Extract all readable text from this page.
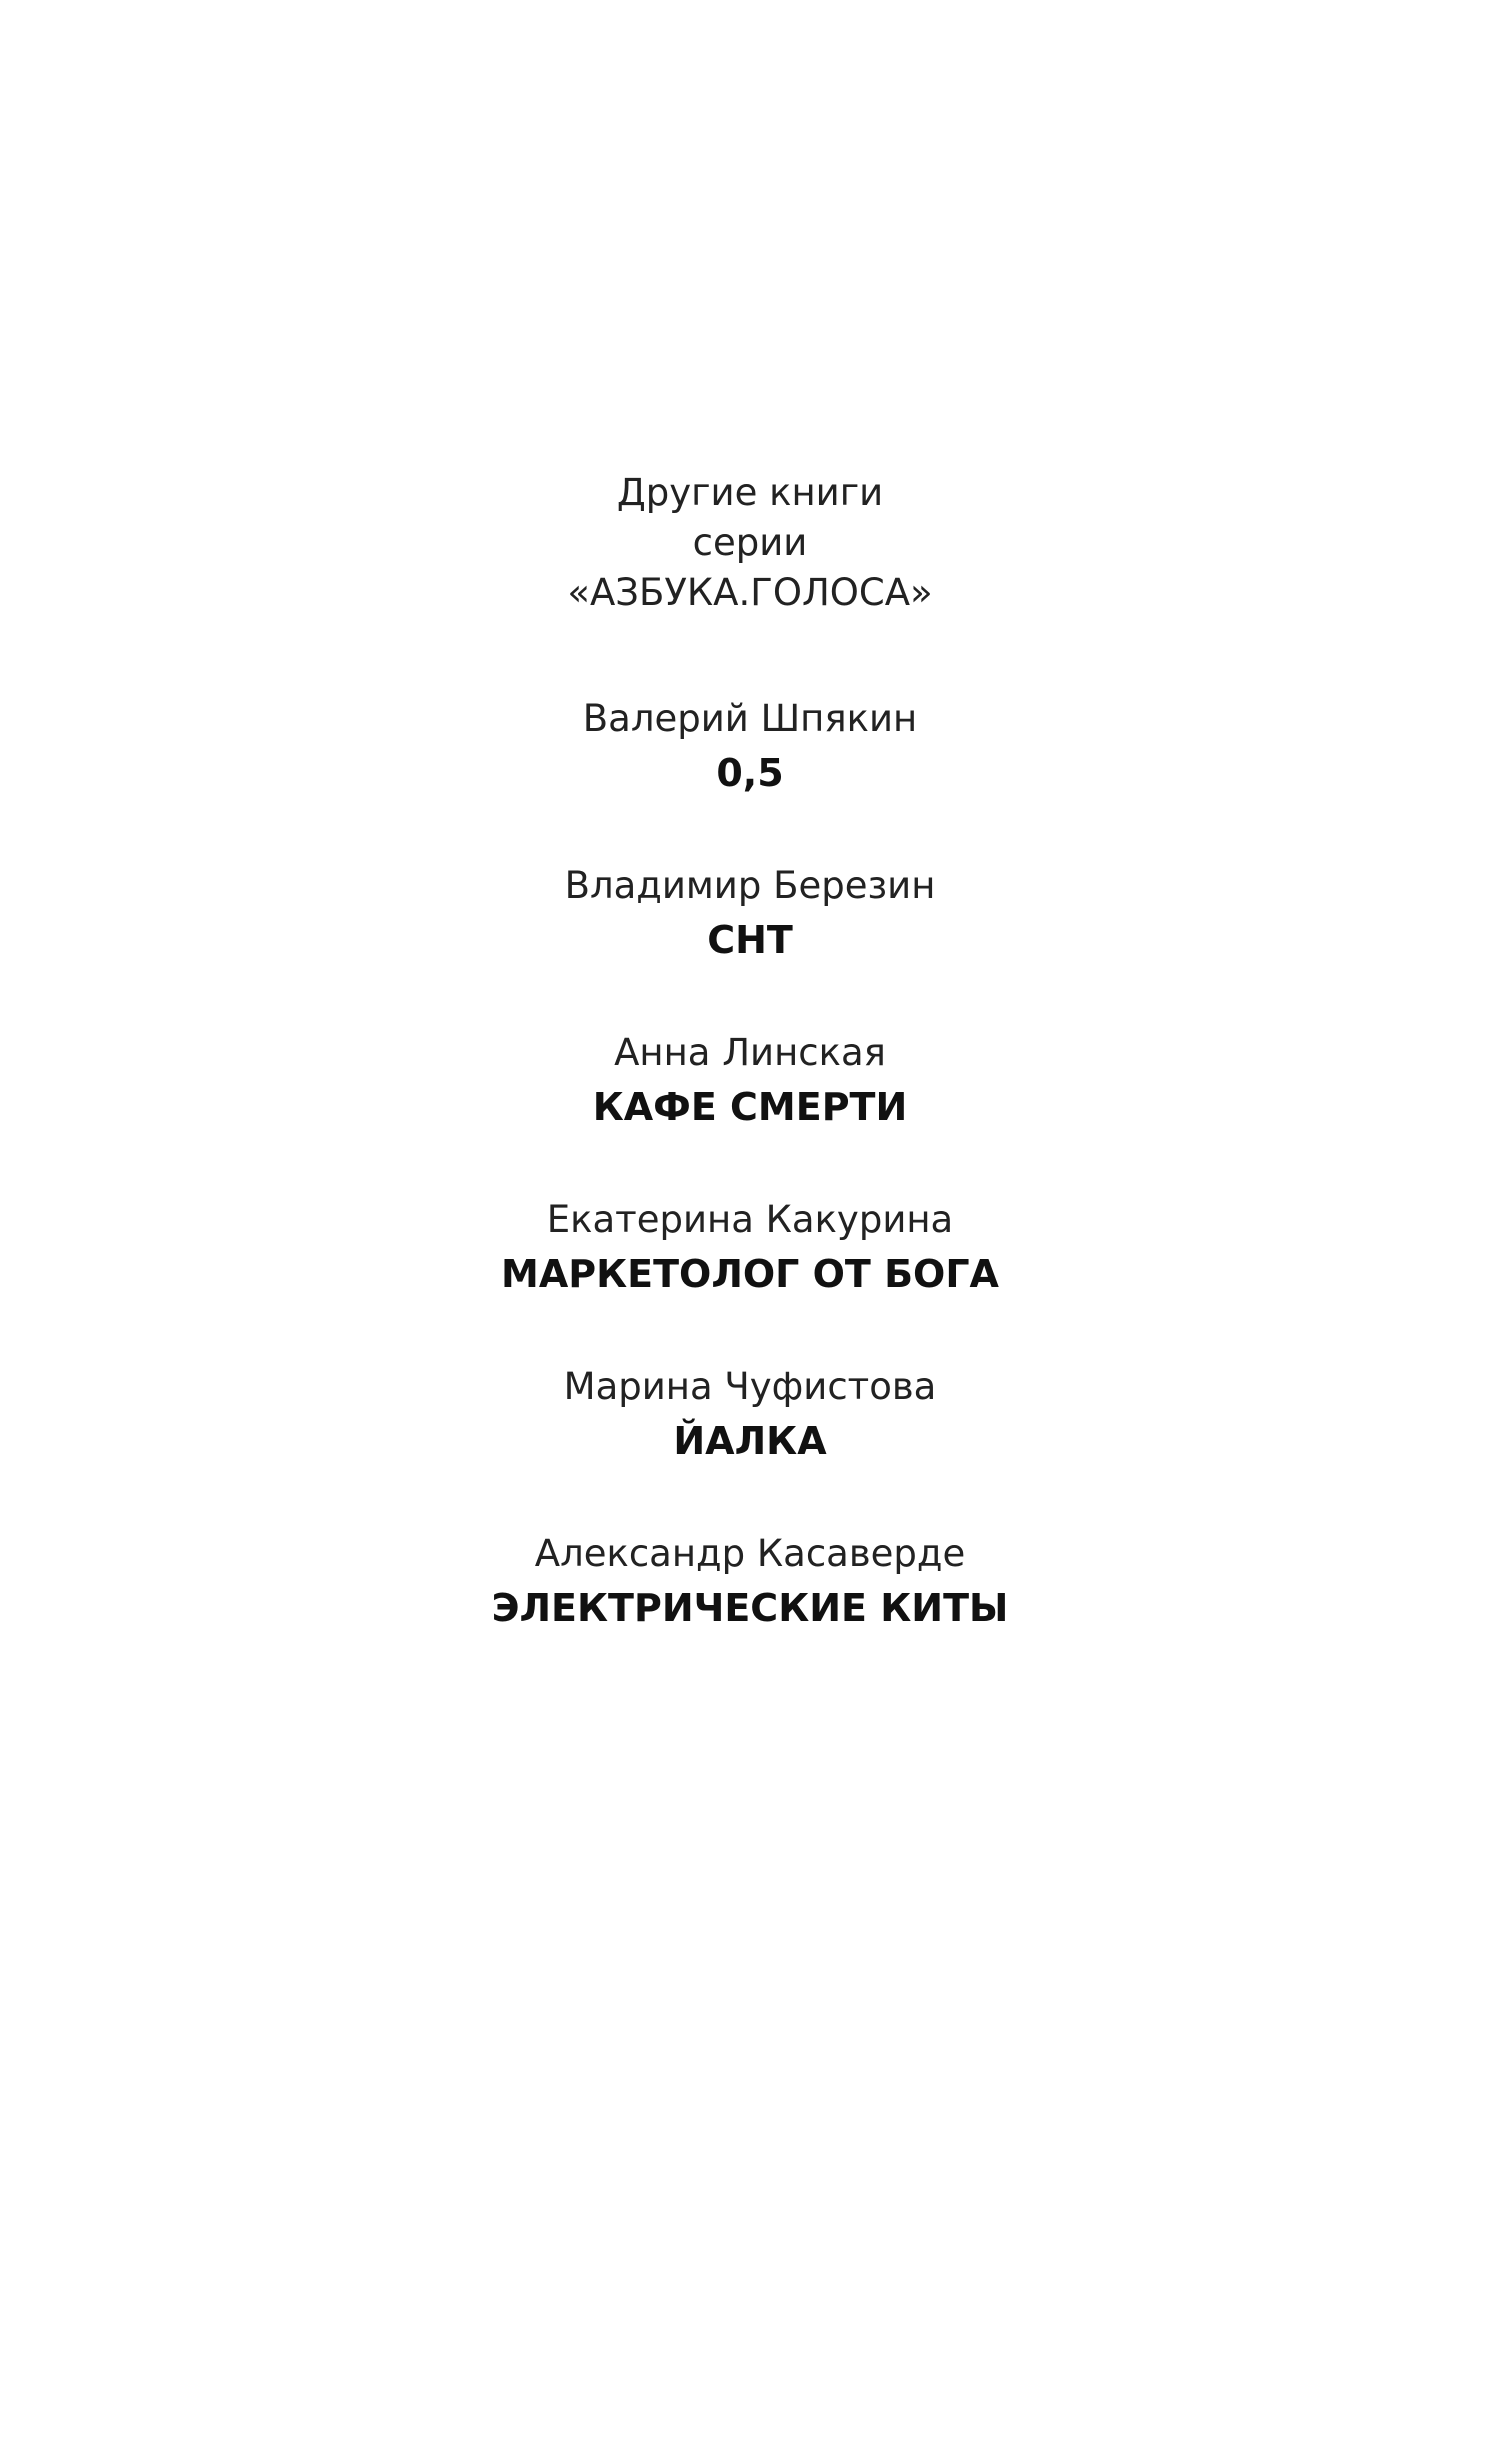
Другие книги
серии
«АЗБУКА.ГОЛОСА»
Валерий Шпякин
0,5
Владимир Березин
СНТ
Анна Линская
КАФЕ СМЕРТИ
Екатерина Какурина
МАРКЕТОЛОГ ОТ БОГА
Марина Чуфистова
ЙАЛКА
Александр Касаверде
ЭЛЕКТРИЧЕСКИЕ КИТЫ
